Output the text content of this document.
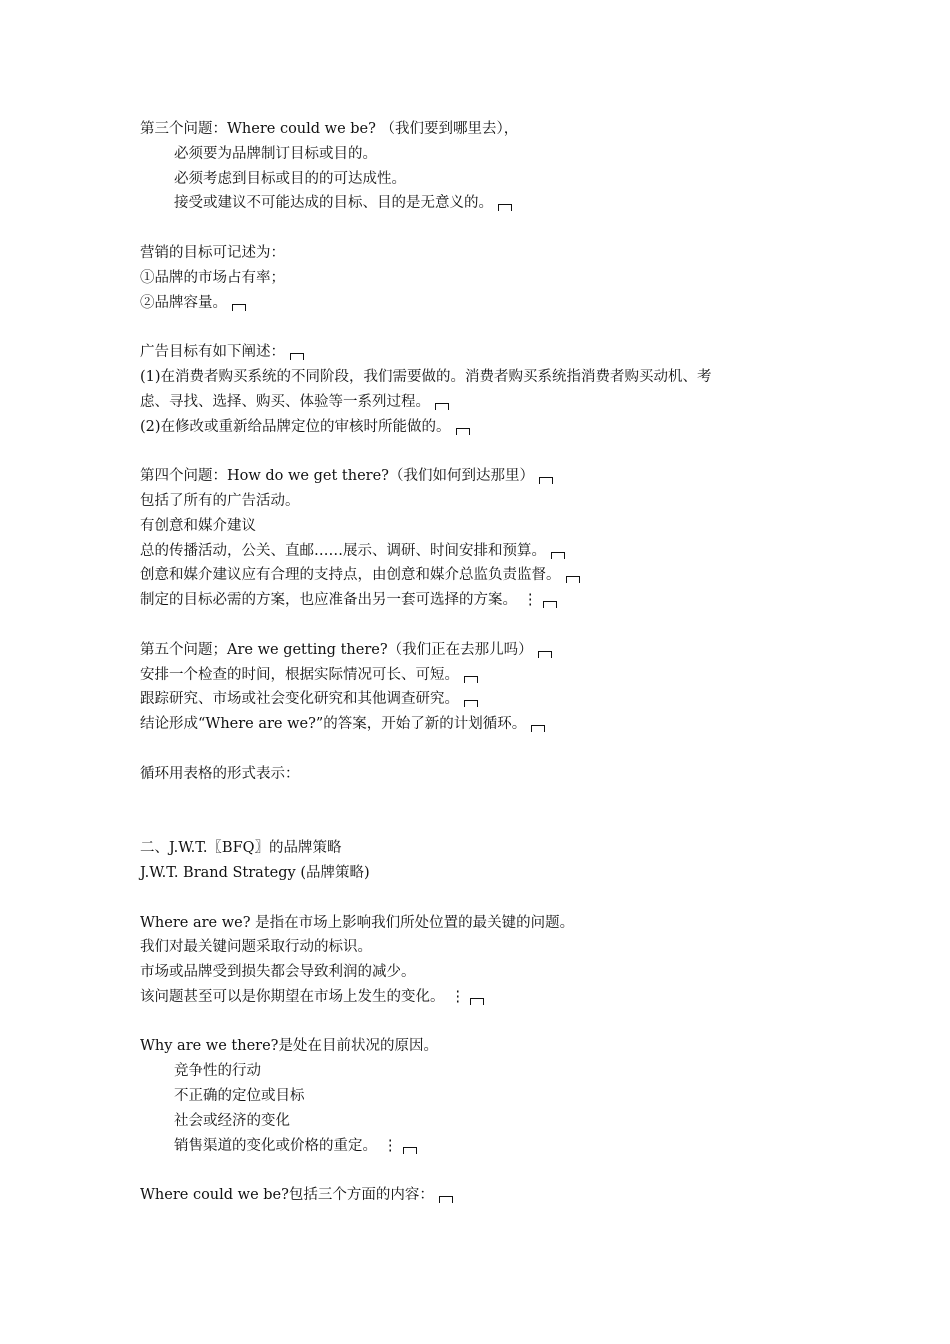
第三个问题：Where could we be? （我们要到哪里去），
必须要为品牌制订目标或目的。
必须考虑到目标或目的的可达成性。
接受或建议不可能达成的目标、目的是无意义的。
营销的目标可记述为：
①品牌的市场占有率；
②品牌容量。
广告目标有如下阐述：
(1)在消费者购买系统的不同阶段，我们需要做的。消费者购买系统指消费者购买动机、考
虑、寻找、选择、购买、体验等一系列过程。
(2)在修改或重新给品牌定位的审核时所能做的。
第四个问题：How do we get there?（我们如何到达那里）
包括了所有的广告活动。
有创意和媒介建议
总的传播活动，公关、直邮……展示、调研、时间安排和预算。
创意和媒介建议应有合理的支持点，由创意和媒介总监负责监督。
制定的目标必需的方案，也应准备出另一套可选择的方案。 ⋮
第五个问题；Are we getting there?（我们正在去那儿吗）
安排一个检查的时间，根据实际情况可长、可短。
跟踪研究、市场或社会变化研究和其他调查研究。
结论形成“Where are we?”的答案，开始了新的计划循环。
循环用表格的形式表示：
二、J.W.T.〖BFQ〗的品牌策略
J.W.T. Brand Strategy (品牌策略)
Where are we? 是指在市场上影响我们所处位置的最关键的问题。
我们对最关键问题采取行动的标识。
市场或品牌受到损失都会导致利润的减少。
该问题甚至可以是你期望在市场上发生的变化。 ⋮
Why are we there?是处在目前状况的原因。
竞争性的行动
不正确的定位或目标
社会或经济的变化
销售渠道的变化或价格的重定。 ⋮
Where could we be?包括三个方面的内容：
